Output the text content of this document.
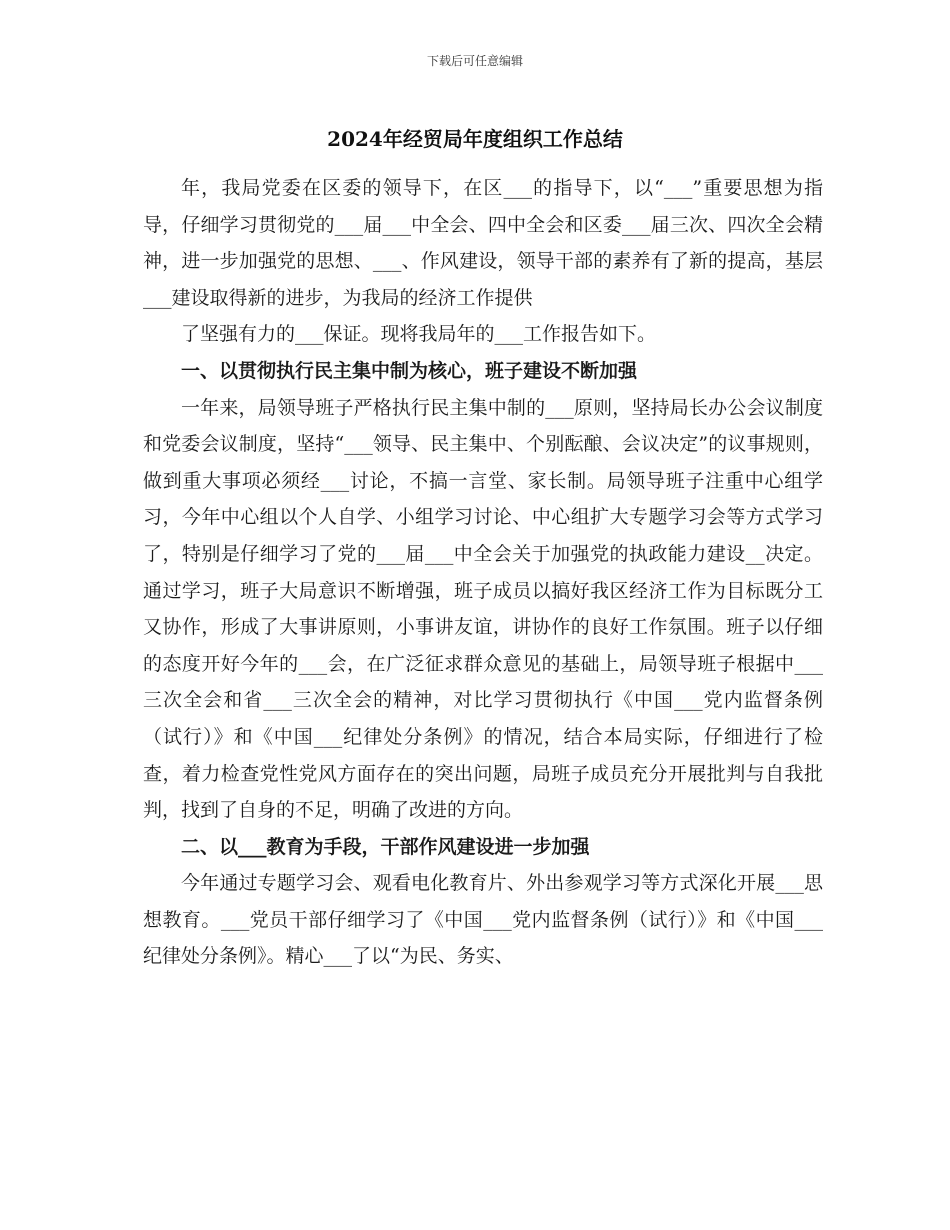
下载后可任意编辑
2024年经贸局年度组织工作总结

年，我局党委在区委的领导下，在区___的指导下，以“___”重要思想为指导，仔细学习贯彻党的___届___中全会、四中全会和区委___届三次、四次全会精神，进一步加强党的思想、___、作风建设，领导干部的素养有了新的提高，基层___建设取得新的进步，为我局的经济工作提供

了坚强有力的___保证。现将我局年的___工作报告如下。

一、以贯彻执行民主集中制为核心，班子建设不断加强

一年来，局领导班子严格执行民主集中制的___原则，坚持局长办公会议制度和党委会议制度，坚持“___领导、民主集中、个别酝酿、会议决定”的议事规则，做到重大事项必须经___讨论，不搞一言堂、家长制。局领导班子注重中心组学习，今年中心组以个人自学、小组学习讨论、中心组扩大专题学习会等方式学习了，特别是仔细学习了党的___届___中全会关于加强党的执政能力建设__决定。通过学习，班子大局意识不断增强，班子成员以搞好我区经济工作为目标既分工又协作，形成了大事讲原则，小事讲友谊，讲协作的良好工作氛围。班子以仔细的态度开好今年的___会，在广泛征求群众意见的基础上，局领导班子根据中___三次全会和省___三次全会的精神，对比学习贯彻执行《中国___党内监督条例（试行）》和《中国___纪律处分条例》的情况，结合本局实际，仔细进行了检查，着力检查党性党风方面存在的突出问题，局班子成员充分开展批判与自我批判，找到了自身的不足，明确了改进的方向。

二、以___教育为手段，干部作风建设进一步加强

今年通过专题学习会、观看电化教育片、外出参观学习等方式深化开展___思想教育。___党员干部仔细学习了《中国___党内监督条例（试行）》和《中国___纪律处分条例》。精心___了以“为民、务实、
